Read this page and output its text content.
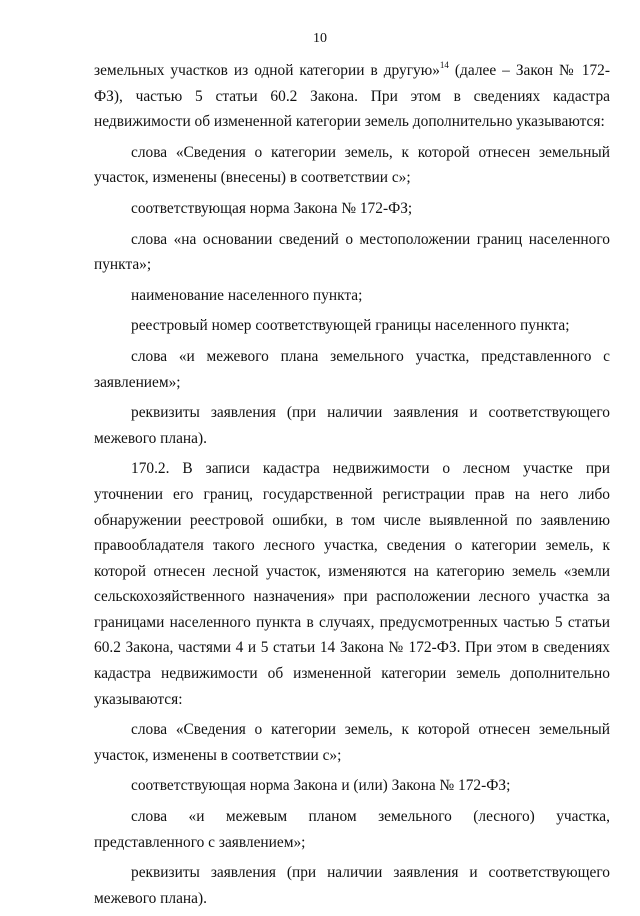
10

земельных участков из одной категории в другую»$^{14}$ (далее – Закон № 172-ФЗ), частью 5 статьи 60.2 Закона. При этом в сведениях кадастра недвижимости об измененной категории земель дополнительно указываются:

слова «Сведения о категории земель, к которой отнесен земельный участок, изменены (внесены) в соответствии с»;

соответствующая норма Закона № 172-ФЗ;

слова «на основании сведений о местоположении границ населенного пункта»;

наименование населенного пункта;

реестровый номер соответствующей границы населенного пункта;

слова «и межевого плана земельного участка, представленного с заявлением»;

реквизиты заявления (при наличии заявления и соответствующего межевого плана).

170.2. В записи кадастра недвижимости о лесном участке при уточнении его границ, государственной регистрации прав на него либо обнаружении реестровой ошибки, в том числе выявленной по заявлению правообладателя такого лесного участка, сведения о категории земель, к которой отнесен лесной участок, изменяются на категорию земель «земли сельскохозяйственного назначения» при расположении лесного участка за границами населенного пункта в случаях, предусмотренных частью 5 статьи 60.2 Закона, частями 4 и 5 статьи 14 Закона № 172-ФЗ. При этом в сведениях кадастра недвижимости об измененной категории земель дополнительно указываются:

слова «Сведения о категории земель, к которой отнесен земельный участок, изменены в соответствии с»;

соответствующая норма Закона и (или) Закона № 172-ФЗ;

слова «и межевым планом земельного (лесного) участка, представленного с заявлением»;

реквизиты заявления (при наличии заявления и соответствующего межевого плана).
